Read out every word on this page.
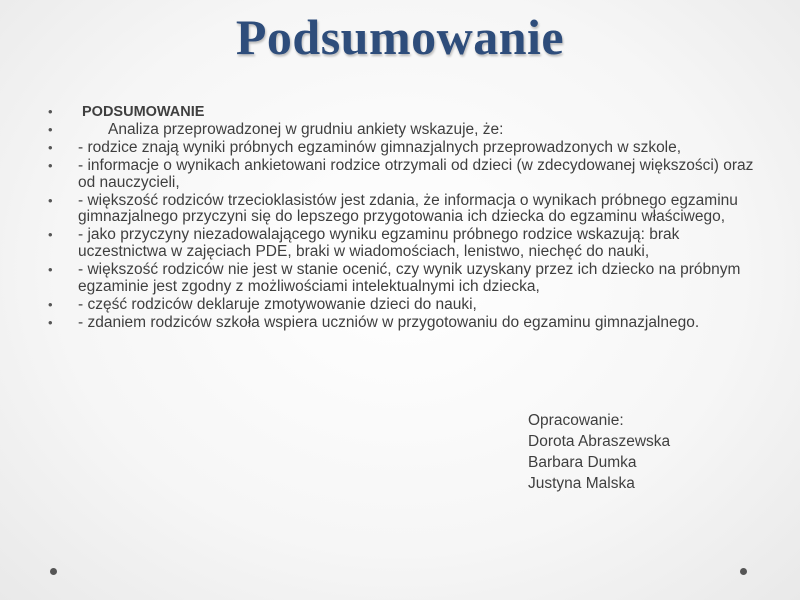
Podsumowanie
• PODSUMOWANIE
• Analiza przeprowadzonej w grudniu ankiety wskazuje, że:
• - rodzice znają wyniki próbnych egzaminów gimnazjalnych przeprowadzonych w szkole,
• - informacje o wynikach ankietowani rodzice otrzymali od dzieci (w zdecydowanej większości) oraz od nauczycieli,
• - większość rodziców trzecioklasistów jest zdania, że informacja o wynikach próbnego egzaminu gimnazjalnego przyczyni się do lepszego przygotowania ich dziecka do egzaminu właściwego,
• - jako przyczyny niezadowalającego wyniku egzaminu próbnego rodzice wskazują: brak uczestnictwa w zajęciach PDE, braki w wiadomościach, lenistwo, niechęć do nauki,
• - większość rodziców nie jest w stanie ocenić, czy wynik uzyskany przez ich dziecko na próbnym egzaminie jest zgodny z możliwościami intelektualnymi ich dziecka,
• - część rodziców deklaruje zmotywowanie dzieci do nauki,
• - zdaniem rodziców szkoła wspiera uczniów w przygotowaniu do egzaminu gimnazjalnego.
Opracowanie:
Dorota Abraszewska
Barbara Dumka
Justyna Malska
